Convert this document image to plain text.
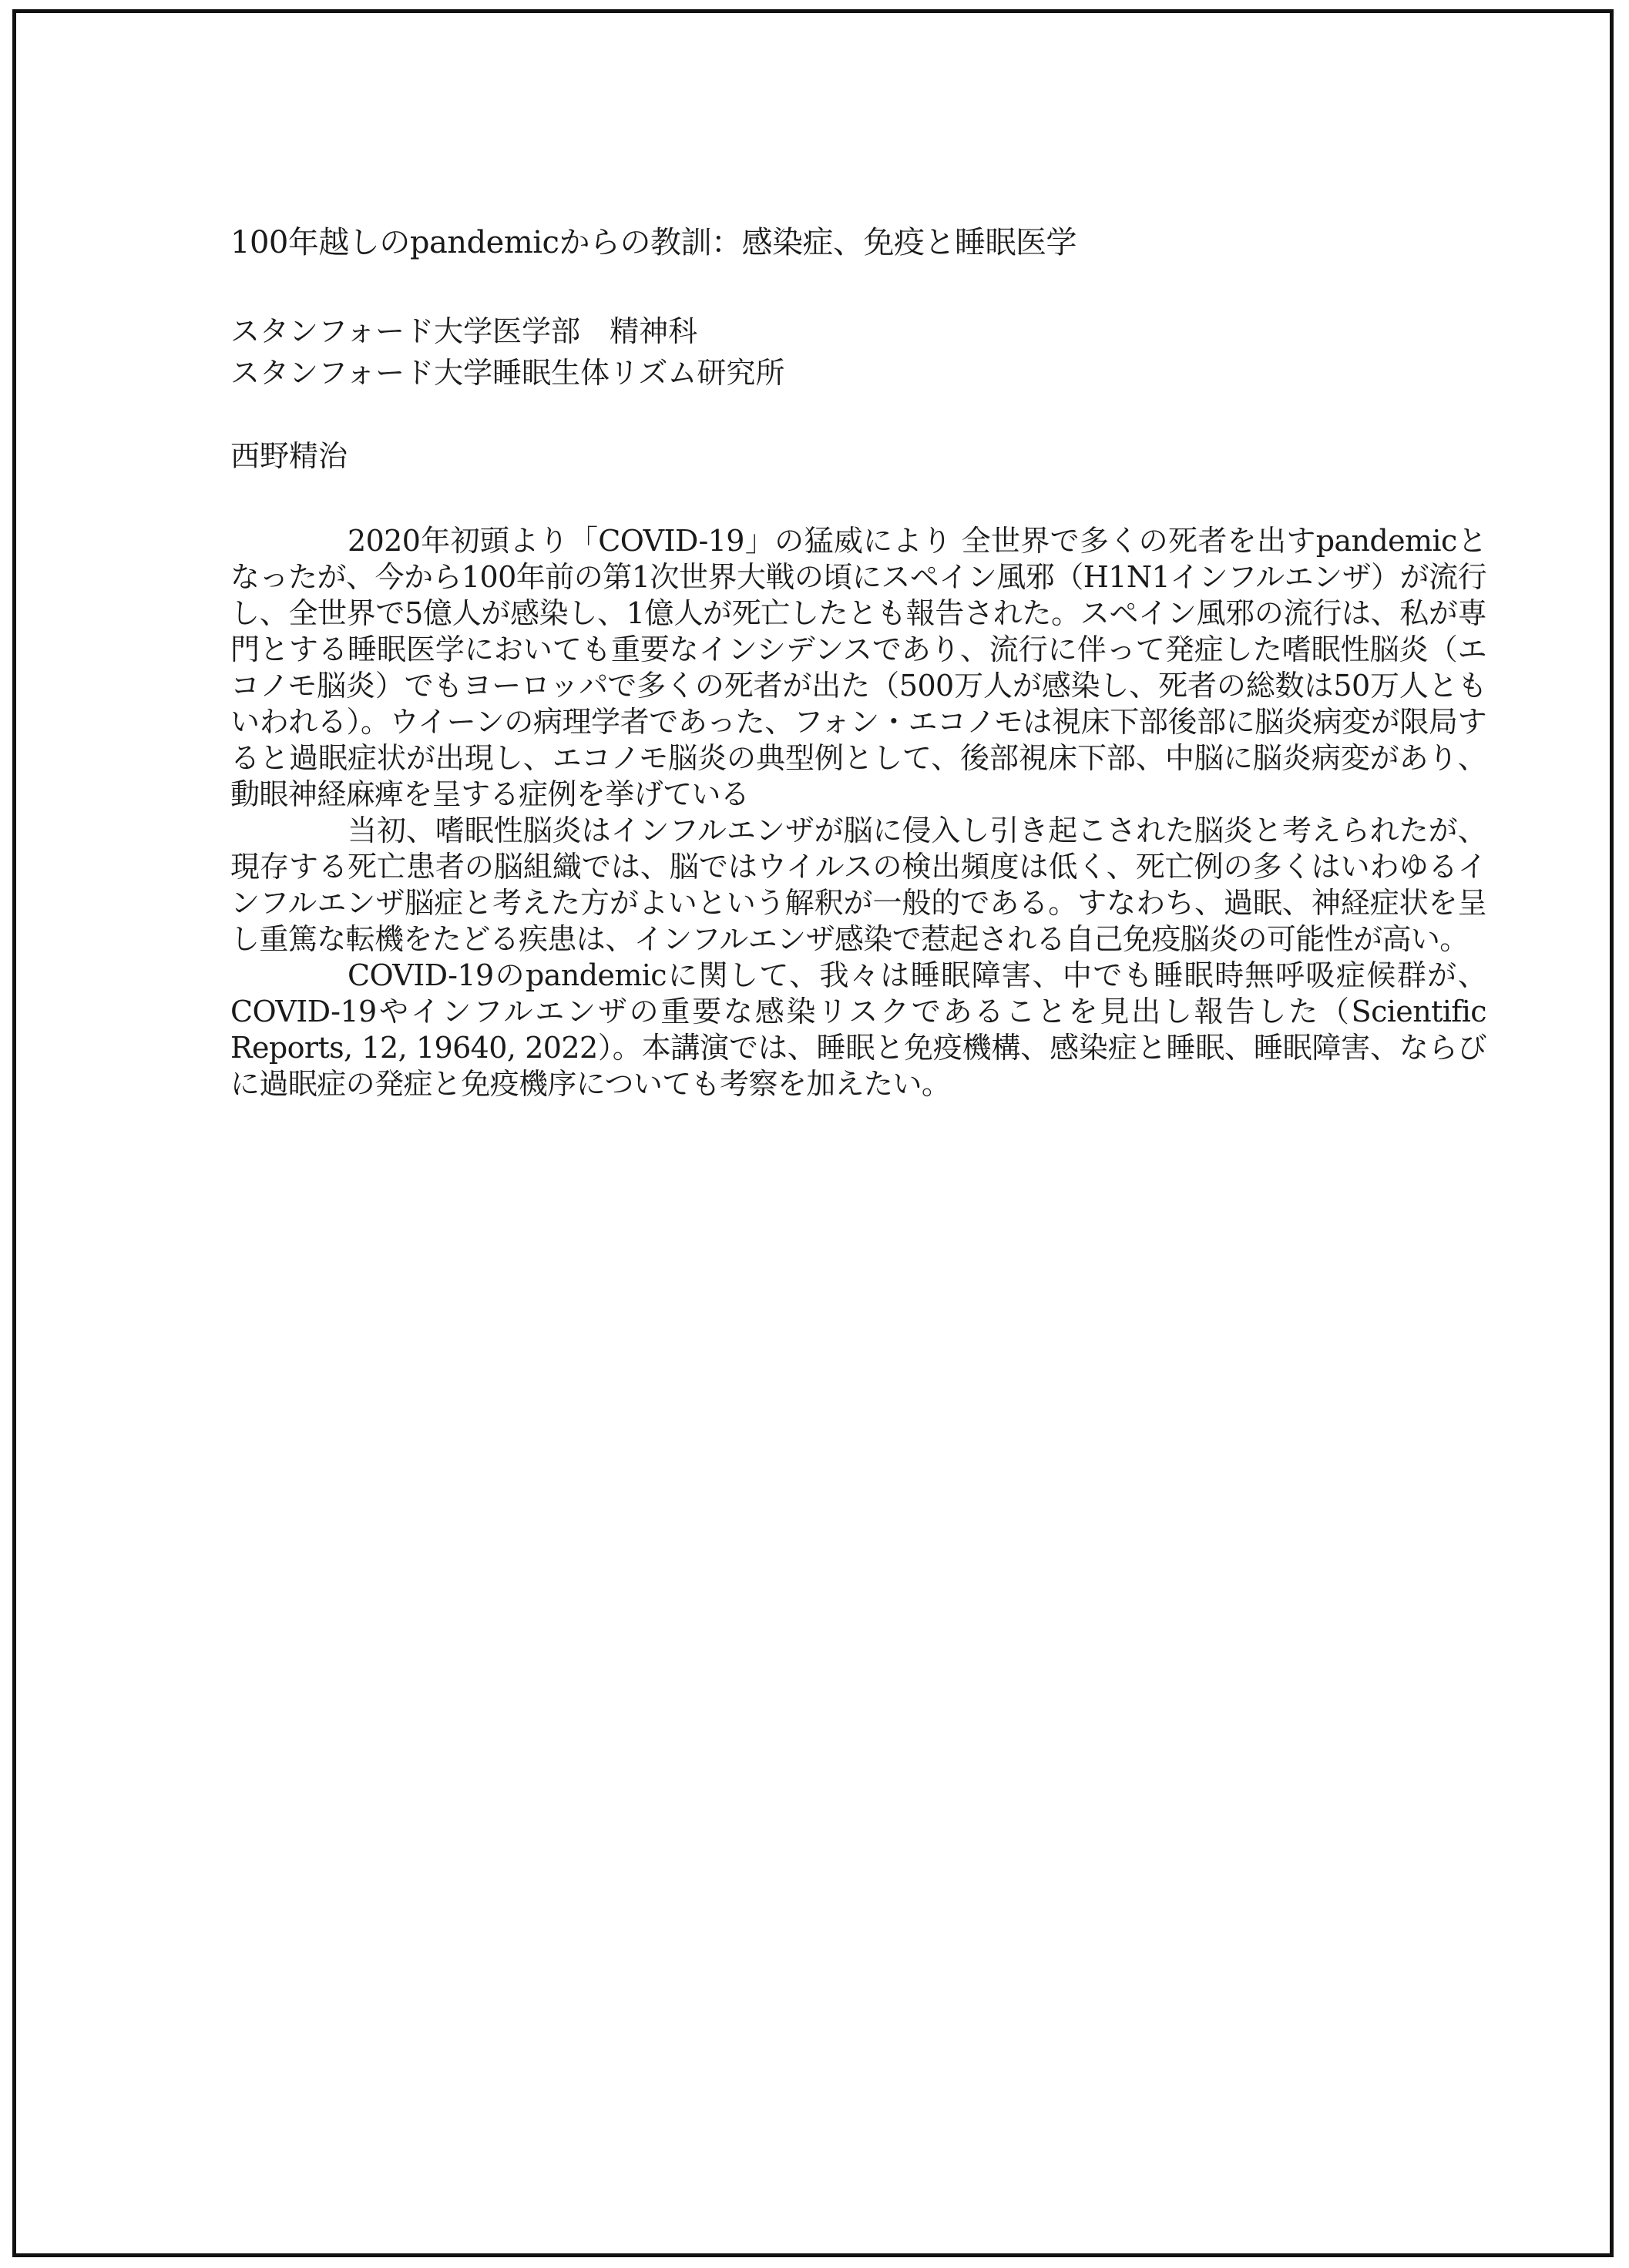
100年越しのpandemicからの教訓：感染症、免疫と睡眠医学
スタンフォード大学医学部　精神科
スタンフォード大学睡眠生体リズム研究所
西野精治

2020年初頭より「COVID-19」の猛威により 全世界で多くの死者を出すpandemicとなったが、今から100年前の第1次世界大戦の頃にスペイン風邪（H1N1インフルエンザ）が流行し、全世界で5億人が感染し、1億人が死亡したとも報告された。スペイン風邪の流行は、私が専門とする睡眠医学においても重要なインシデンスであり、流行に伴って発症した嗜眠性脳炎（エコノモ脳炎）でもヨーロッパで多くの死者が出た（500万人が感染し、死者の総数は50万人ともいわれる）。ウイーンの病理学者であった、フォン・エコノモは視床下部後部に脳炎病変が限局すると過眠症状が出現し、エコノモ脳炎の典型例として、後部視床下部、中脳に脳炎病変があり、動眼神経麻痺を呈する症例を挙げている

当初、嗜眠性脳炎はインフルエンザが脳に侵入し引き起こされた脳炎と考えられたが、現存する死亡患者の脳組織では、脳ではウイルスの検出頻度は低く、死亡例の多くはいわゆるインフルエンザ脳症と考えた方がよいという解釈が一般的である。すなわち、過眠、神経症状を呈し重篤な転機をたどる疾患は、インフルエンザ感染で惹起される自己免疫脳炎の可能性が高い。

COVID-19のpandemicに関して、我々は睡眠障害、中でも睡眠時無呼吸症候群が、COVID-19やインフルエンザの重要な感染リスクであることを見出し報告した（Scientific Reports, 12, 19640, 2022）。本講演では、睡眠と免疫機構、感染症と睡眠、睡眠障害、ならびに過眠症の発症と免疫機序についても考察を加えたい。
